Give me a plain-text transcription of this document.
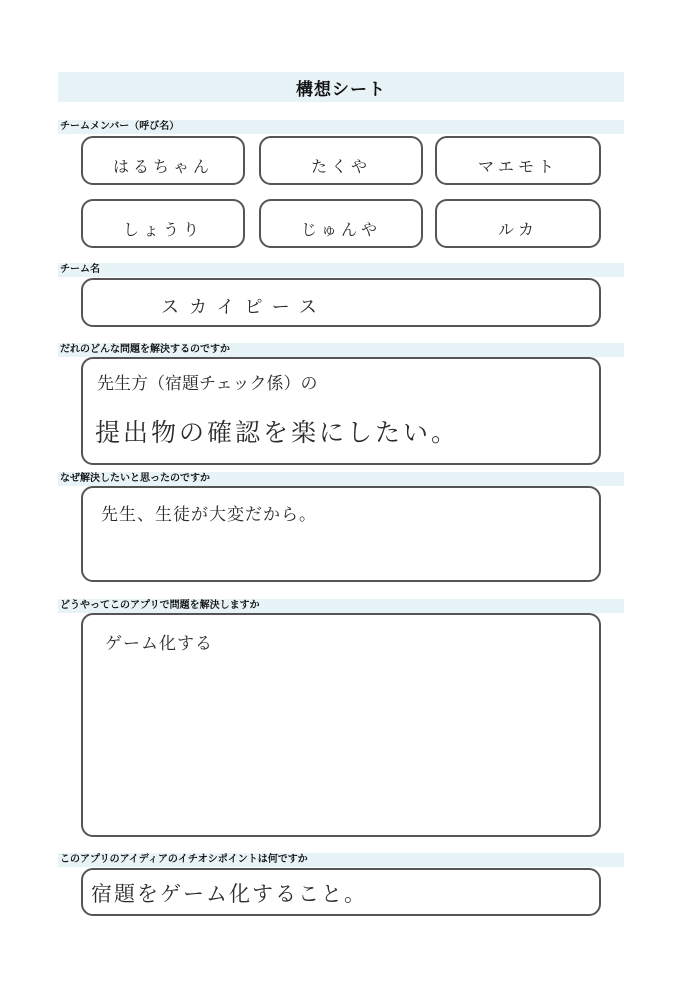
構想シート
チームメンバー（呼び名）
はるちゃん	たくや	マエモト
しょうり	じゅんや	ルカ
チーム名
スカイピース
だれのどんな問題を解決するのですか
先生方（宿題チェック係）の
提出物の確認を楽にしたい。
なぜ解決したいと思ったのですか
先生、生徒が大変だから。
どうやってこのアプリで問題を解決しますか
ゲーム化する
このアプリのアイディアのイチオシポイントは何ですか
宿題をゲーム化すること。
